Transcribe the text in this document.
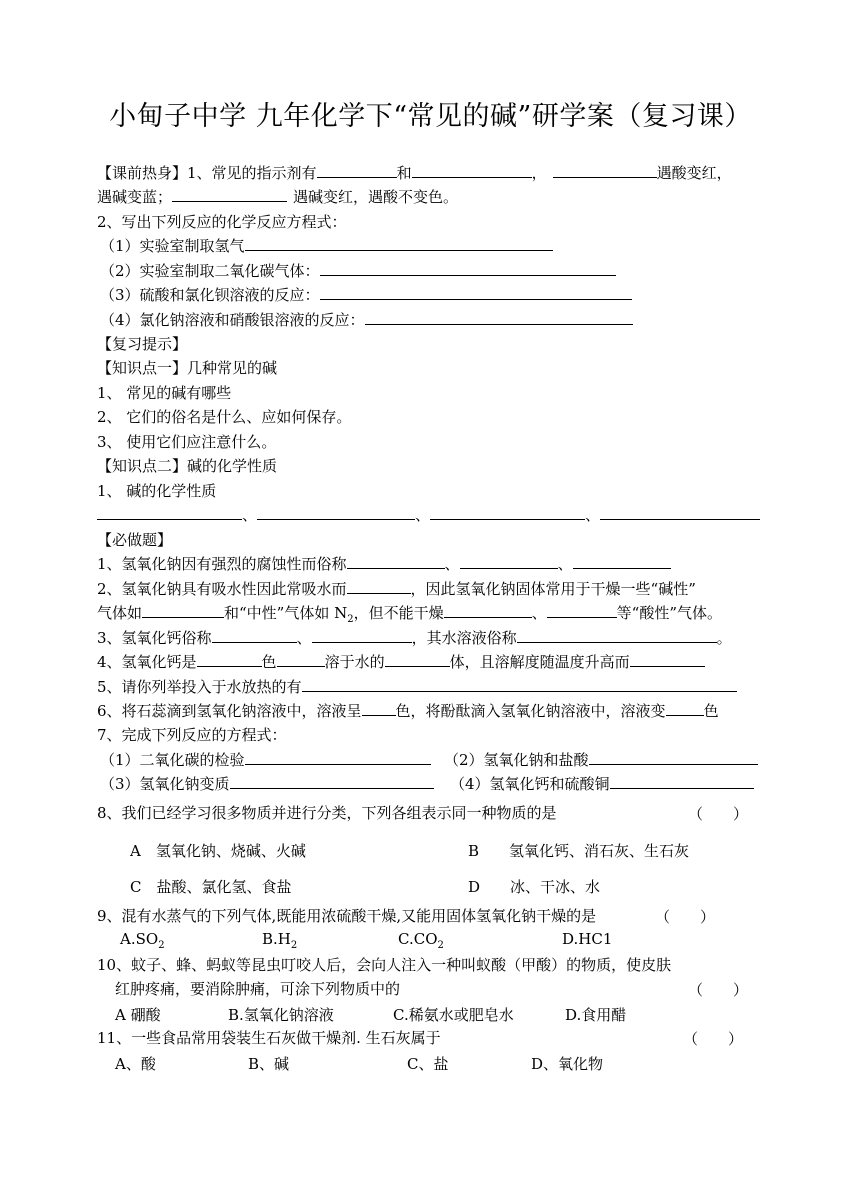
小甸子中学 九年化学下“常见的碱”研学案（复习课）
【课前热身】1、常见的指示剂有	和	，	遇酸变红，
遇碱变蓝；	遇碱变红，遇酸不变色。
2、写出下列反应的化学反应方程式：
（1）实验室制取氢气
（2）实验室制取二氧化碳气体：
（3）硫酸和氯化钡溶液的反应：
（4）氯化钠溶液和硝酸银溶液的反应：
【复习提示】
【知识点一】几种常见的碱
1、 常见的碱有哪些
2、 它们的俗名是什么、应如何保存。
3、 使用它们应注意什么。
【知识点二】碱的化学性质
1、 碱的化学性质
、	、	、
【必做题】
1、氢氧化钠因有强烈的腐蚀性而俗称	、	、
2、氢氧化钠具有吸水性因此常吸水而	，因此氢氧化钠固体常用于干燥一些“碱性”
气体如	和“中性”气体如 $N_2$，但不能干燥	、	等“酸性”气体。
3、氢氧化钙俗称	、	，其水溶液俗称	。
4、氢氧化钙是	色	溶于水的	体，且溶解度随温度升高而
5、请你列举投入于水放热的有
6、将石蕊滴到氢氧化钠溶液中，溶液呈 色，将酚酞滴入氢氧化钠溶液中，溶液变	色
7、完成下列反应的方程式：
（1）二氧化碳的检验	（2）氢氧化钠和盐酸
（3）氢氧化钠变质	（4）氢氧化钙和硫酸铜
8、我们已经学习很多物质并进行分类，下列各组表示同一种物质的是	（　　）
A　氢氧化钠、烧碱、火碱	B　　氢氧化钙、消石灰、生石灰
C　盐酸、氯化氢、食盐	D　　冰、干冰、水
9、混有水蒸气的下列气体,既能用浓硫酸干燥,又能用固体氢氧化钠干燥的是	（　　）
$A.SO_2$	$B.H_2$	$C.CO_2$	D.HC1
10、蚊子、蜂、蚂蚁等昆虫叮咬人后，会向人注入一种叫蚁酸（甲酸）的物质，使皮肤
红肿疼痛，要消除肿痛，可涂下列物质中的	（　　）
A 硼酸	B.氢氧化钠溶液	C.稀氨水或肥皂水	D.食用醋
11、一些食品常用袋装生石灰做干燥剂. 生石灰属于	（　　）
A、酸	B、碱	C、盐	D、氧化物
